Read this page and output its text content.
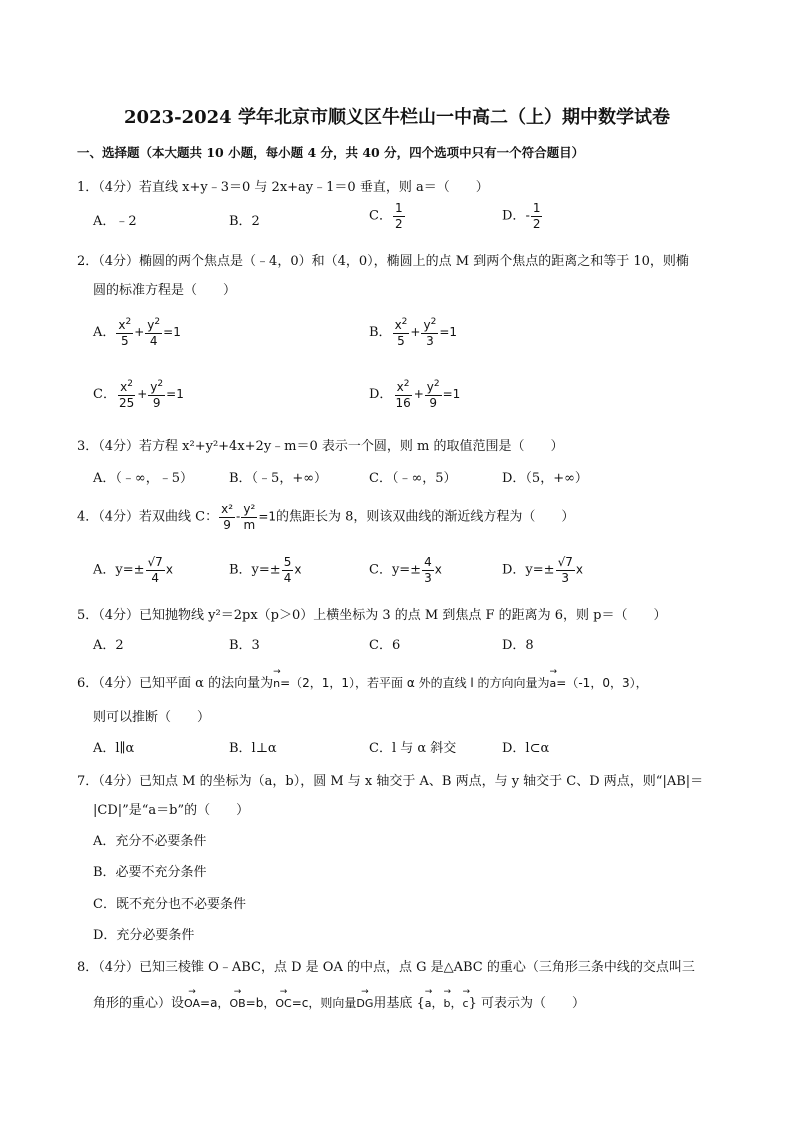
2023-2024 学年北京市顺义区牛栏山一中高二（上）期中数学试卷
一、选择题（本大题共 10 小题，每小题 4 分，共 40 分，四个选项中只有一个符合题目）
1．（4分）若直线 x+y﹣3＝0 与 2x+ay﹣1＝0 垂直，则 a＝（　　）
A．﹣2	B．2	C． $\frac{1}{2}$	D．- $\frac{1}{2}$
2．（4分）椭圆的两个焦点是（﹣4，0）和（4，0），椭圆上的点 M 到两个焦点的距离之和等于 10，则椭
圆的标准方程是（　　）
A． $\frac{x^2}{5} + \frac{y^2}{4} =1$	B． $\frac{x^2}{5} + \frac{y^2}{3} =1$
C． $\frac{x^2}{25} + \frac{y^2}{9} =1$	D． $\frac{x^2}{16} + \frac{y^2}{9} =1$
3．（4分）若方程 x²+y²+4x+2y﹣m＝0 表示一个圆，则 m 的取值范围是（　　）
A．（﹣∞，﹣5）	B．（﹣5，+∞）	C．（﹣∞，5）	D．（5，+∞）
4．（4分）若双曲线 C： $\frac{\text{x²}}{9} - \frac{\text{y²}}{m} =1$的焦距长为 8，则该双曲线的渐近线方程为（　　）
A．$y=\pm \frac{√7}{4}$ x	B．$y=\pm \frac{5}{4}$ x	C．$y=\pm \frac{4}{3}$ x	D．$y=\pm \frac{√7}{3}$ x
5．（4分）已知抛物线 y²＝2px（p＞0）上横坐标为 3 的点 M 到焦点 F 的距离为 6，则 p＝（　　）
A．2	B．3	C．6	D．8
6．（4分）已知平面 α 的法向量为→ n=（2，1，1），若平面 α 外的直线 l 的方向向量为→ a=（-1，0，3），
则可以推断（　　）
A．l∥α	B．l⊥α	C．l 与 α 斜交	D．l⊂α
7．（4分）已知点 M 的坐标为（a，b），圆 M 与 x 轴交于 A、B 两点，与 y 轴交于 C、D 两点，则“|AB|＝
|CD|”是“a＝b”的（　　）
A．充分不必要条件
B．必要不充分条件
C．既不充分也不必要条件
D．充分必要条件
8．（4分）已知三棱锥 O﹣ABC，点 D 是 OA 的中点，点 G 是△ABC 的重心（三角形三条中线的交点叫三
角形的重心）设→ OA=a，→ OB=b，→ OC=c，则向量→ DG用基底 {→ a，→ b，→ c} 可表示为（　　）
